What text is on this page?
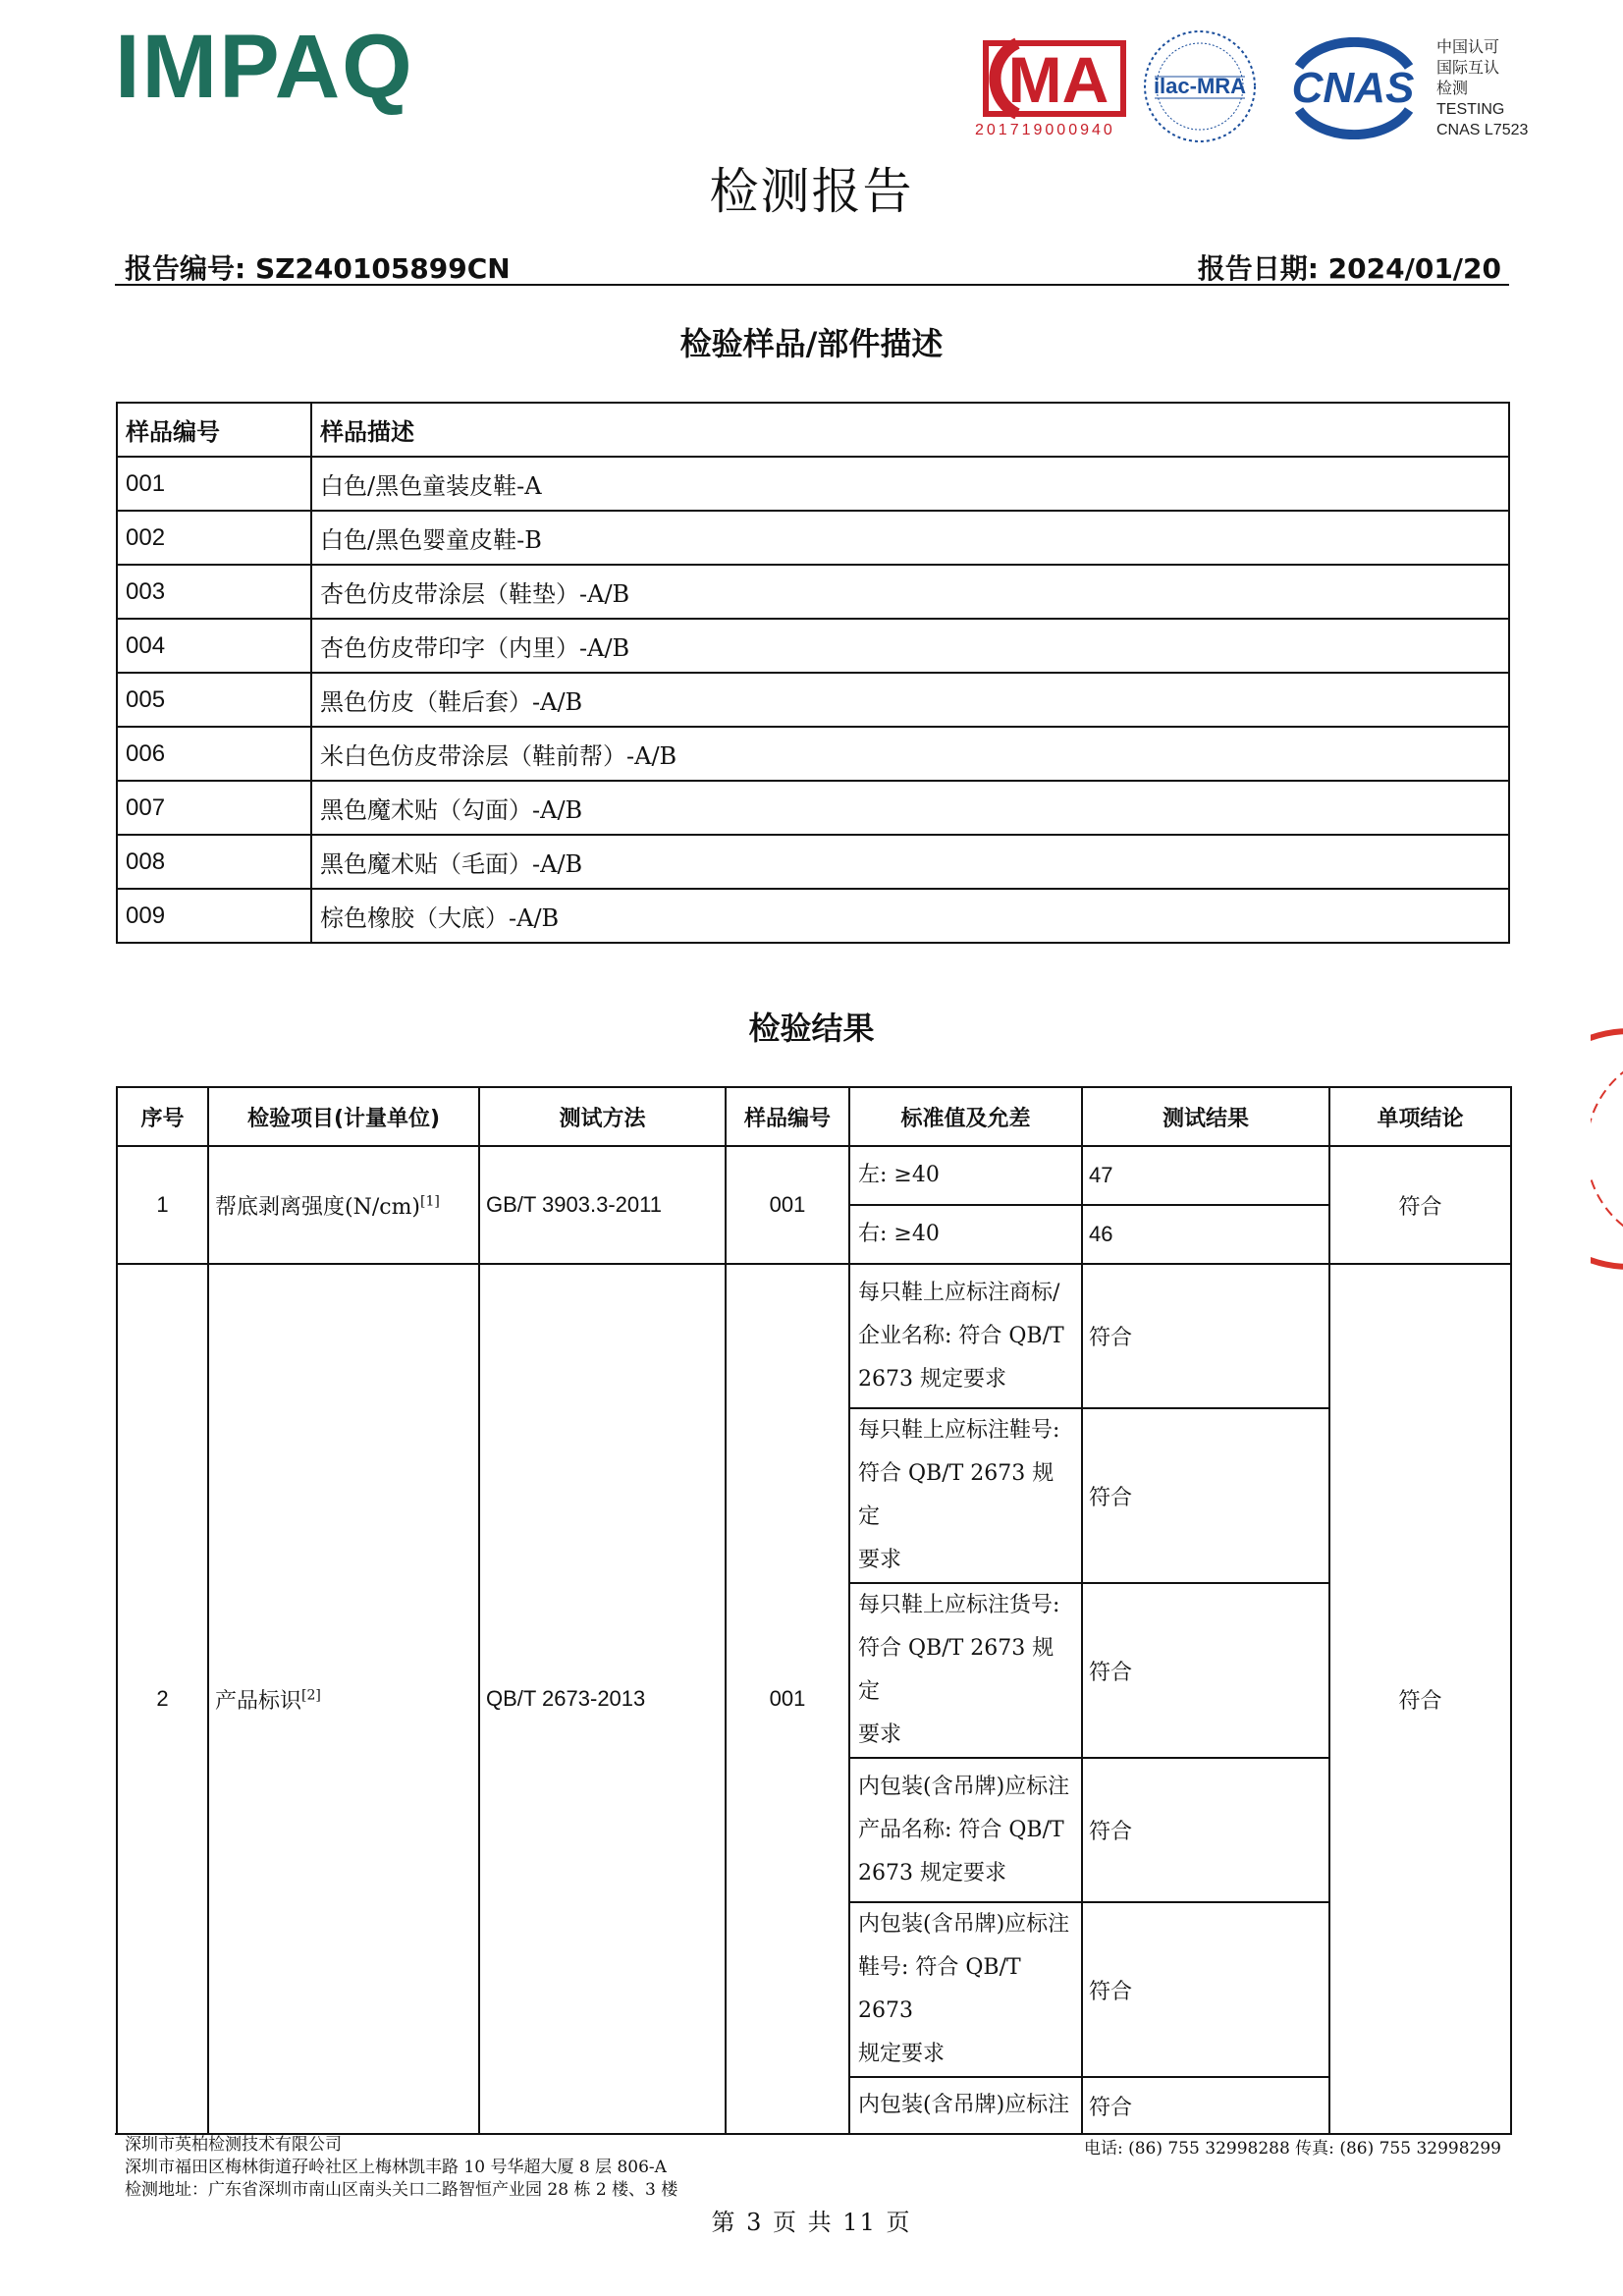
IMPAQ	MA
201719000940
ilac-MRA CNAS
中国认可
国际互认
检测
TESTING
CNAS L7523
检测报告
报告编号: SZ240105899CN	报告日期: 2024/01/20
检验样品/部件描述
样品编号	样品描述
001	白色/黑色童装皮鞋-A
002	白色/黑色婴童皮鞋-B
003	杏色仿皮带涂层（鞋垫）-A/B
004	杏色仿皮带印字（内里）-A/B
005	黑色仿皮（鞋后套）-A/B
006	米白色仿皮带涂层（鞋前帮）-A/B
007	黑色魔术贴（勾面）-A/B
008	黑色魔术贴（毛面）-A/B
009	棕色橡胶（大底）-A/B
检验结果
序号	检验项目(计量单位)	测试方法	样品编号	标准值及允差	测试结果	单项结论
1	帮底剥离强度(N/cm)[1]	GB/T 3903.3-2011	001	左: ≥40	47	符合
				右: ≥40	46	
2	产品标识[2]	QB/T 2673-2013	001	每只鞋上应标注商标/
企业名称: 符合 QB/T
2673 规定要求	符合	符合

				每只鞋上应标注鞋号:
符合 QB/T 2673 规定
要求	符合	

				每只鞋上应标注货号:
符合 QB/T 2673 规定
要求	符合	

				内包装(含吊牌)应标注
产品名称: 符合 QB/T
2673 规定要求	符合	

				内包装(含吊牌)应标注
鞋号: 符合 QB/T 2673
规定要求	符合	

				内包装(含吊牌)应标注	符合	
深圳市英柏检测技术有限公司
深圳市福田区梅林街道孖岭社区上梅林凯丰路 10 号华超大厦 8 层 806-A
检测地址：广东省深圳市南山区南头关口二路智恒产业园 28 栋 2 楼、3 楼
电话: (86) 755 32998288 传真: (86) 755 32998299
第 3 页 共 11 页
